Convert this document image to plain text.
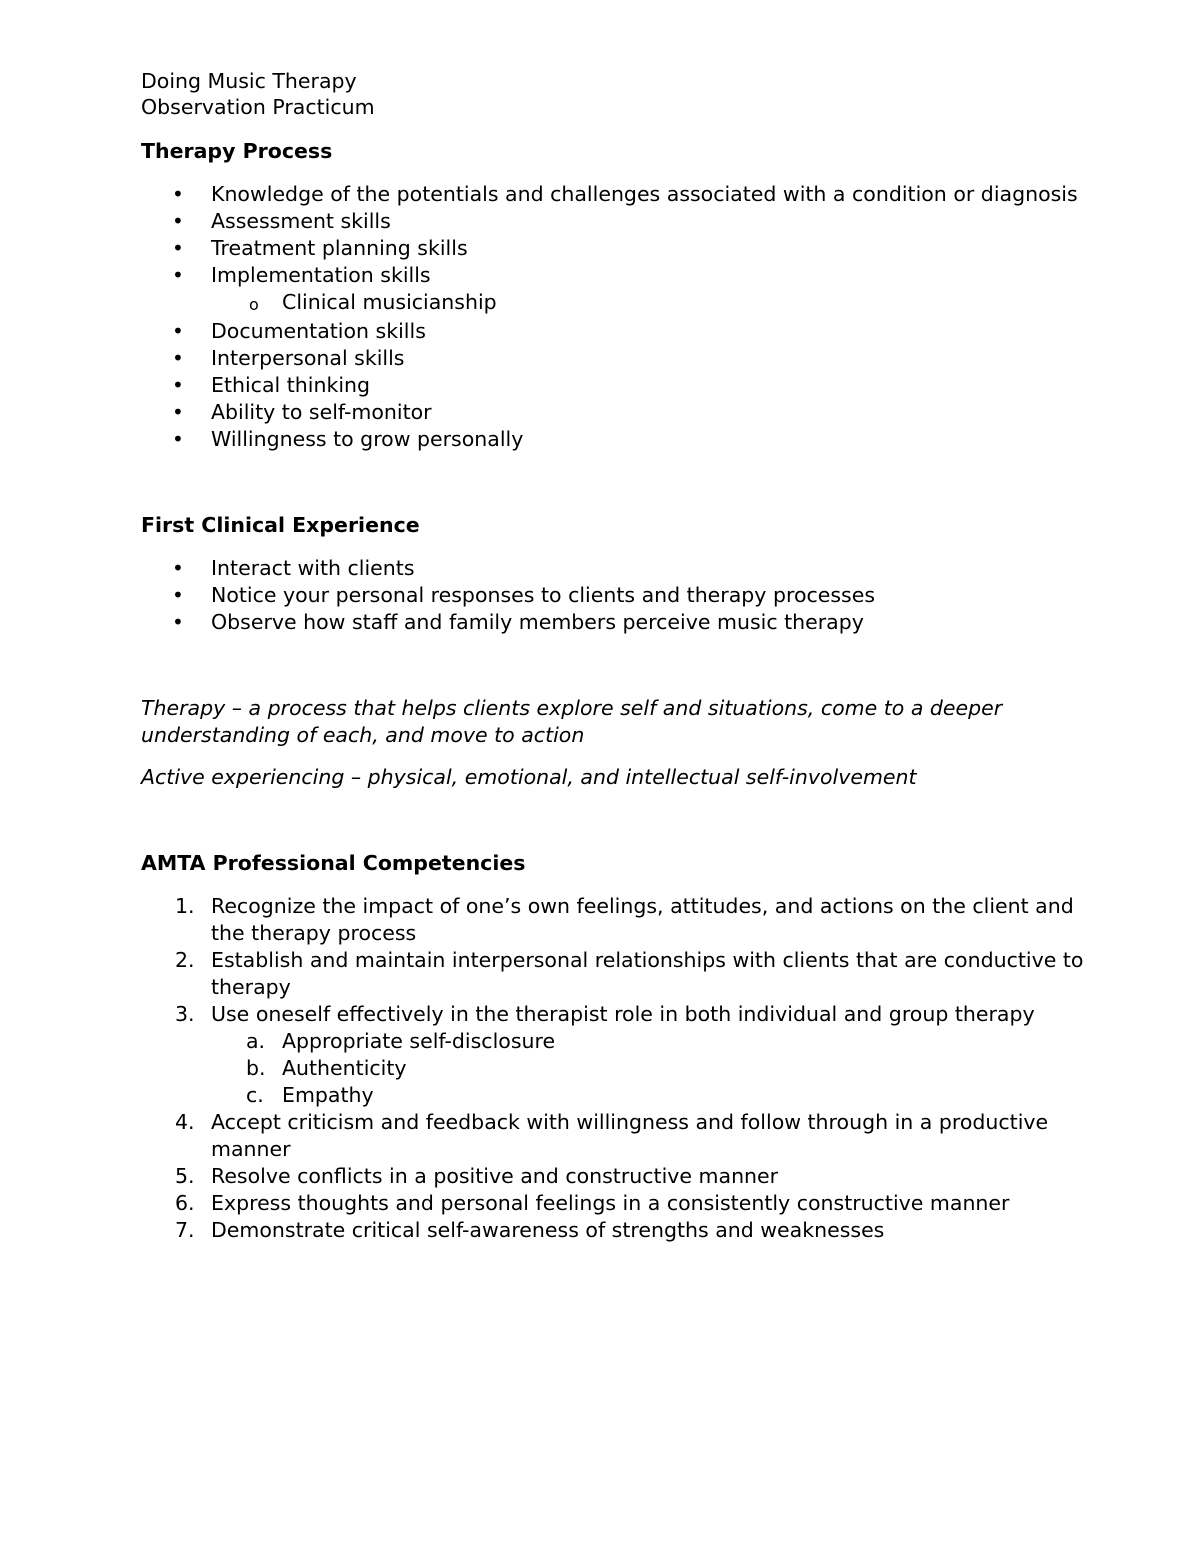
Doing Music Therapy

Observation Practicum

Therapy Process

• Knowledge of the potentials and challenges associated with a condition or diagnosis
• Assessment skills
• Treatment planning skills
• Implementation skills
o Clinical musicianship
• Documentation skills
• Interpersonal skills
• Ethical thinking
• Ability to self-monitor
• Willingness to grow personally

First Clinical Experience

• Interact with clients
• Notice your personal responses to clients and therapy processes
• Observe how staff and family members perceive music therapy

Therapy – a process that helps clients explore self and situations, come to a deeper understanding of each, and move to action

Active experiencing – physical, emotional, and intellectual self-involvement

AMTA Professional Competencies

1. Recognize the impact of one’s own feelings, attitudes, and actions on the client and the therapy process
2. Establish and maintain interpersonal relationships with clients that are conductive to therapy
3. Use oneself effectively in the therapist role in both individual and group therapy
a. Appropriate self-disclosure
b. Authenticity
c. Empathy
4. Accept criticism and feedback with willingness and follow through in a productive manner
5. Resolve conflicts in a positive and constructive manner
6. Express thoughts and personal feelings in a consistently constructive manner
7. Demonstrate critical self-awareness of strengths and weaknesses
